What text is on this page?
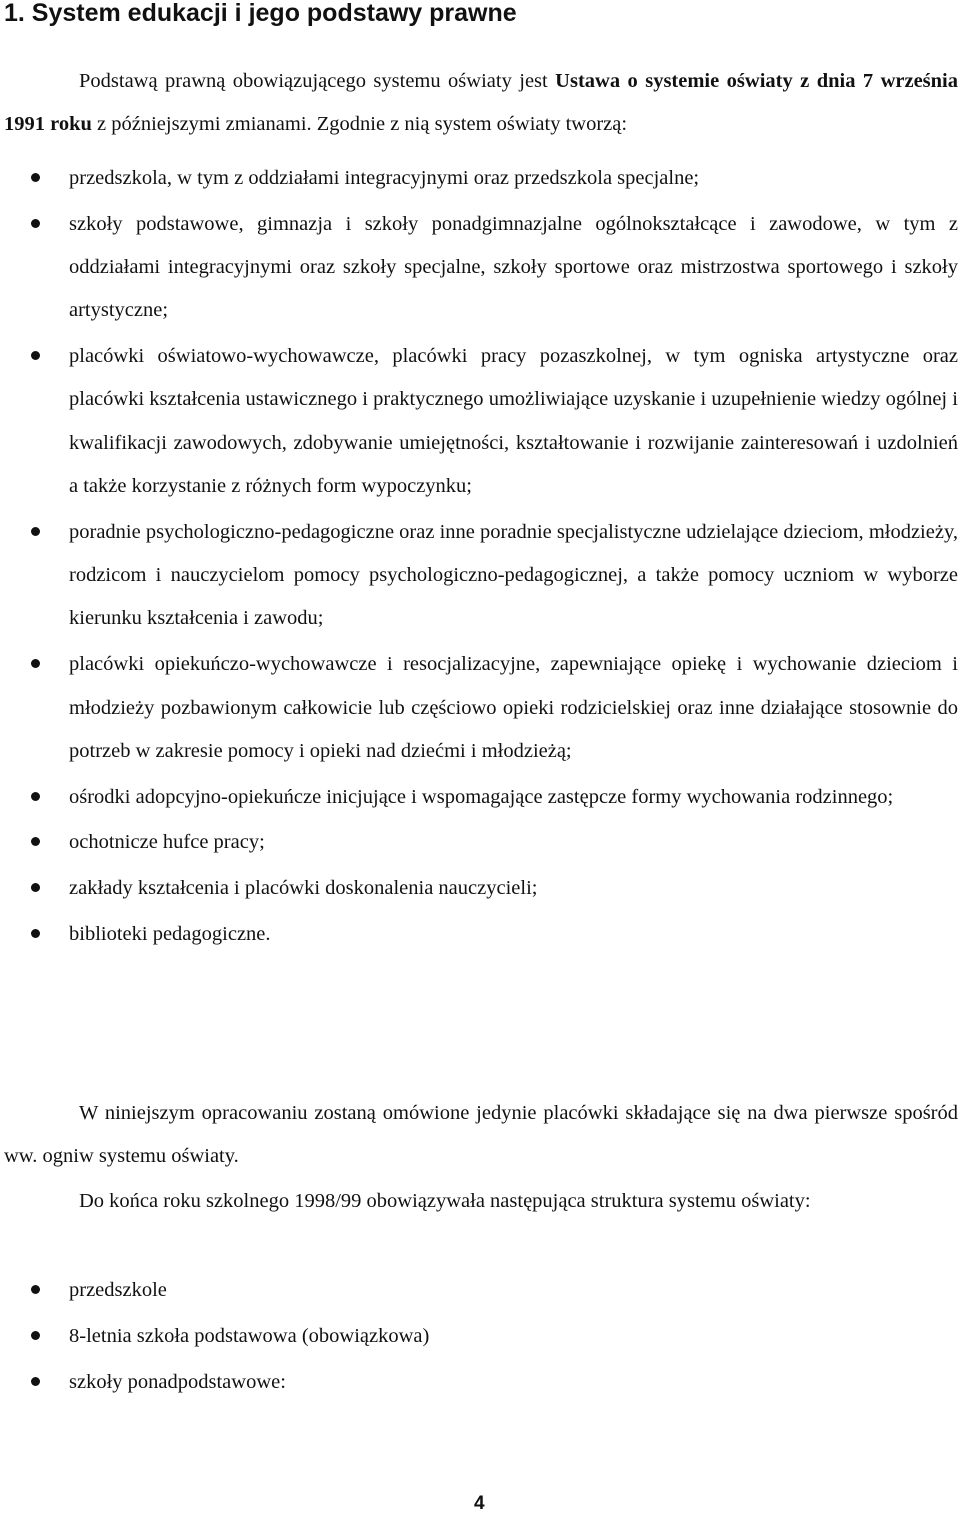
1. System edukacji i jego podstawy prawne

Podstawą prawną obowiązującego systemu oświaty jest Ustawa o systemie oświaty z dnia 7 września 1991 roku z późniejszymi zmianami. Zgodnie z nią system oświaty tworzą:

przedszkola, w tym z oddziałami integracyjnymi oraz przedszkola specjalne;
szkoły podstawowe, gimnazja i szkoły ponadgimnazjalne ogólnokształcące i zawodowe, w tym z oddziałami integracyjnymi oraz szkoły specjalne, szkoły sportowe oraz mistrzostwa sportowego i szkoły artystyczne;
placówki oświatowo-wychowawcze, placówki pracy pozaszkolnej, w tym ogniska artystyczne oraz placówki kształcenia ustawicznego i praktycznego umożliwiające uzyskanie i uzupełnienie wiedzy ogólnej i kwalifikacji zawodowych, zdobywanie umiejętności, kształtowanie i rozwijanie zainteresowań i uzdolnień a także korzystanie z różnych form wypoczynku;
poradnie psychologiczno-pedagogiczne oraz inne poradnie specjalistyczne udzielające dzieciom, młodzieży, rodzicom i nauczycielom pomocy psychologiczno-pedagogicznej, a także pomocy uczniom w wyborze kierunku kształcenia i zawodu;
placówki opiekuńczo-wychowawcze i resocjalizacyjne, zapewniające opiekę i wychowanie dzieciom i młodzieży pozbawionym całkowicie lub częściowo opieki rodzicielskiej oraz inne działające stosownie do potrzeb w zakresie pomocy i opieki nad dziećmi i młodzieżą;
ośrodki adopcyjno-opiekuńcze inicjujące i wspomagające zastępcze formy wychowania rodzinnego;
ochotnicze hufce pracy;
zakłady kształcenia i placówki doskonalenia nauczycieli;
biblioteki pedagogiczne.

W niniejszym opracowaniu zostaną omówione jedynie placówki składające się na dwa pierwsze spośród ww. ogniw systemu oświaty.

Do końca roku szkolnego 1998/99 obowiązywała następująca struktura systemu oświaty:

przedszkole
8-letnia szkoła podstawowa (obowiązkowa)
szkoły ponadpodstawowe:
4
